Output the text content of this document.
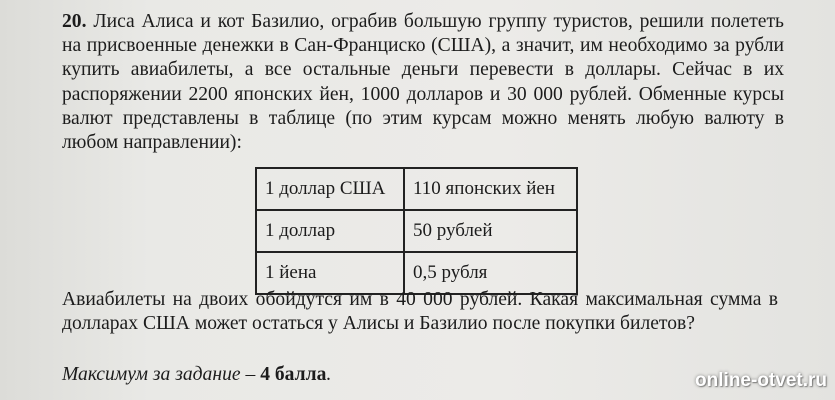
20. Лиса Алиса и кот Базилио, ограбив большую группу туристов, решили полететь на присвоенные денежки в Сан-Франциско (США), а значит, им необходимо за рубли купить авиабилеты, а все остальные деньги перевести в доллары. Сейчас в их распоряжении 2200 японских йен, 1000 долларов и 30 000 рублей. Обменные курсы валют представлены в таблице (по этим курсам можно менять любую валюту в любом направлении):

1 доллар США	110 японских йен
1 доллар	50 рублей
1 йена	0,5 рубля

Авиабилеты на двоих обойдутся им в 40 000 рублей. Какая максимальная сумма в долларах США может остаться у Алисы и Базилио после покупки билетов?

Максимум за задание – 4 балла.	online-otvet.ru
